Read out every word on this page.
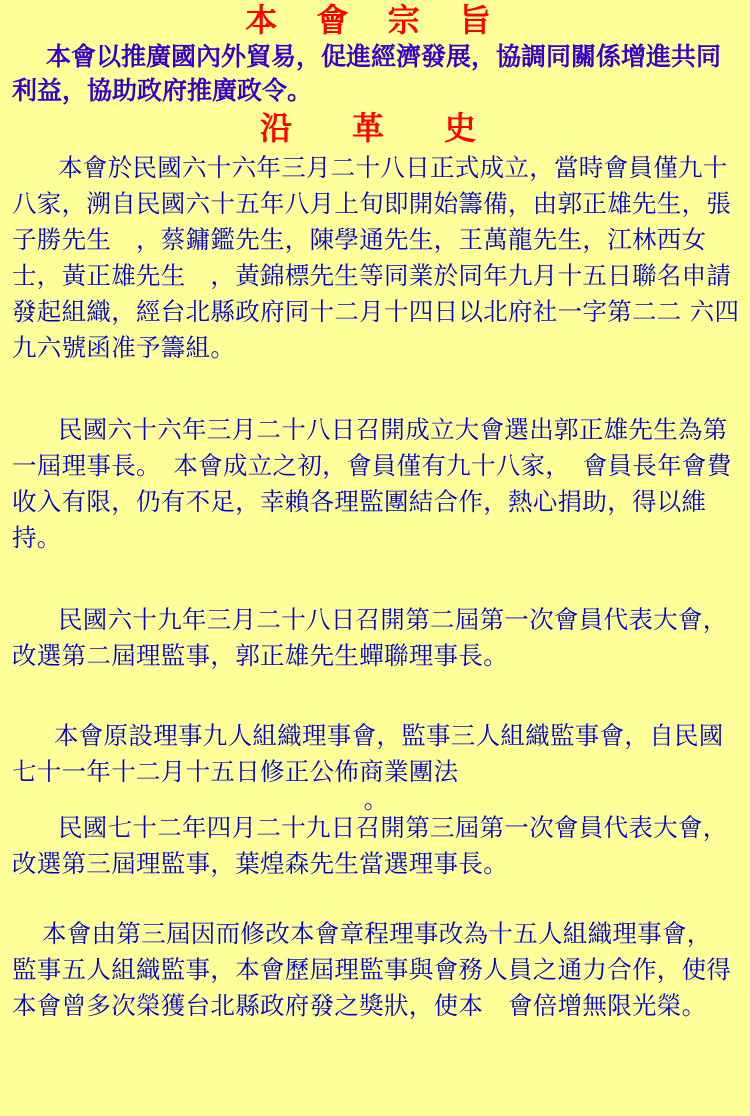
本 會 宗 旨

本會以推廣國內外貿易，促進經濟發展，協調同關係增進共同利益，協助政府推廣政令。

沿　革　史

本會於民國六十六年三月二十八日正式成立，當時會員僅九十八家，溯自民國六十五年八月上旬即開始籌備，由郭正雄先生，張子勝先生　，蔡鏞鑑先生，陳學通先生，王萬龍先生，江林西女士，黃正雄先生　，黃錦標先生等同業於同年九月十五日聯名申請發起組織，經台北縣政府同十二月十四日以北府社一字第二二 六四九六號函准予籌組。

民國六十六年三月二十八日召開成立大會選出郭正雄先生為第一屆理事長。　本會成立之初，會員僅有九十八家，　會員長年會費收入有限，仍有不足，幸賴各理監團結合作，熱心捐助，得以維持。

民國六十九年三月二十八日召開第二屆第一次會員代表大會，改選第二屆理監事，郭正雄先生蟬聯理事長。

本會原設理事九人組織理事會，監事三人組織監事會，自民國七十一年十二月十五日修正公佈商業團法

。

民國七十二年四月二十九日召開第三屆第一次會員代表大會，改選第三屆理監事，葉煌森先生當選理事長。

本會由第三屆因而修改本會章程理事改為十五人組織理事會，　監事五人組織監事，本會歷屆理監事與會務人員之通力合作，使得本會曾多次榮獲台北縣政府發之獎狀，使本　會倍增無限光榮。
